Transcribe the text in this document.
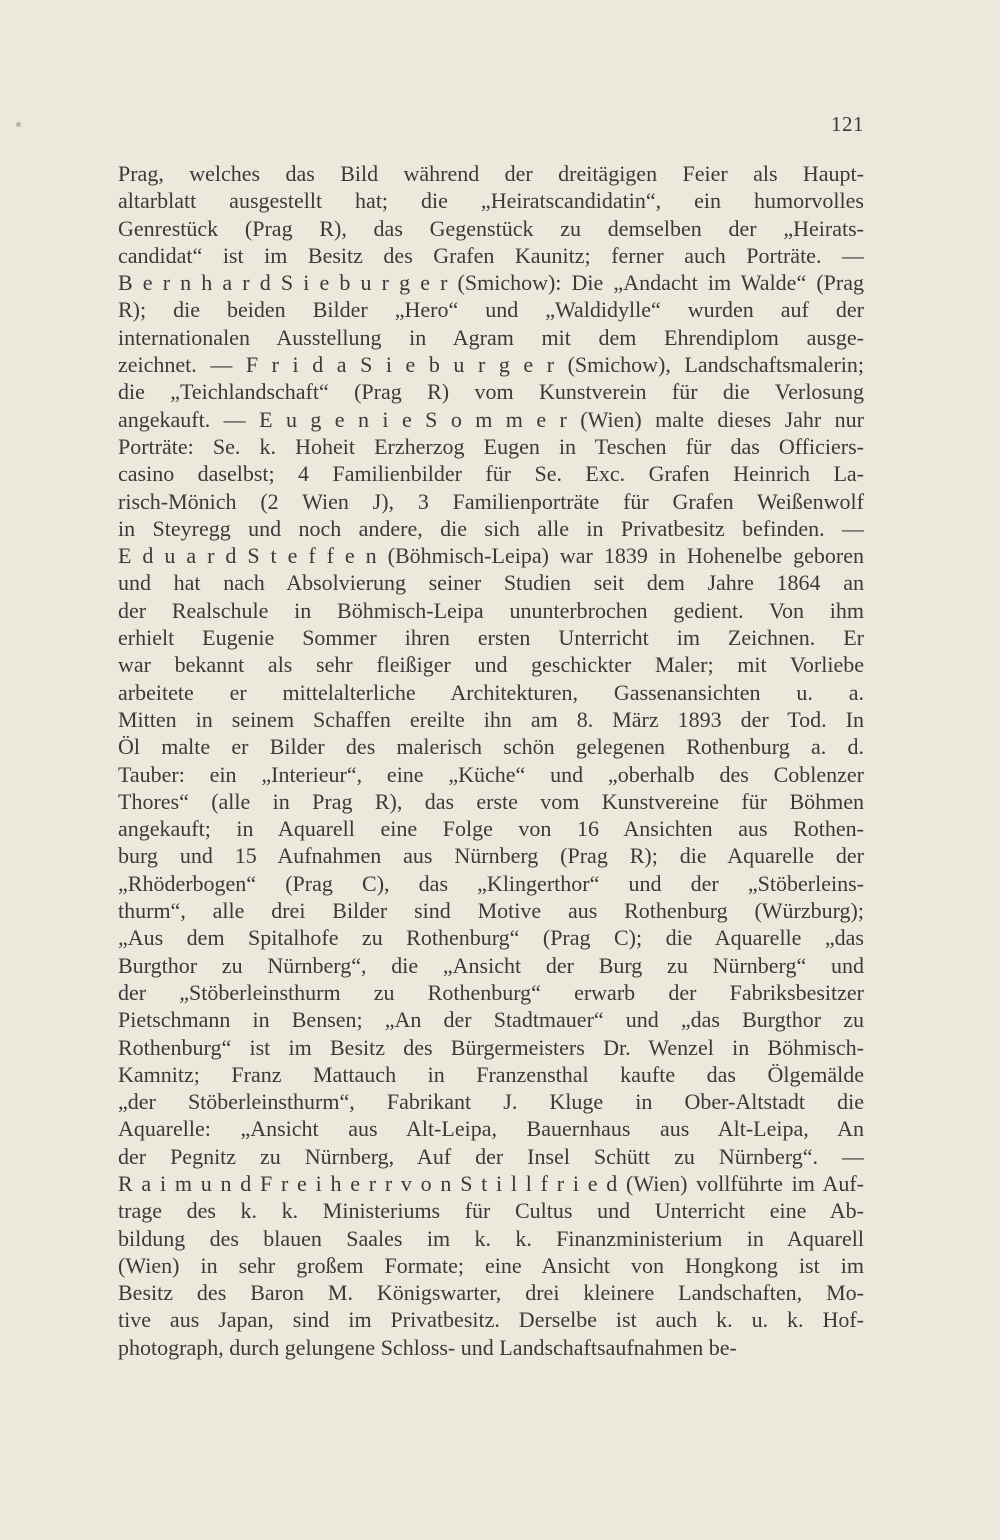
121
Prag, welches das Bild während der dreitägigen Feier als Haupt-
altarblatt ausgestellt hat; die „Heiratscandidatin“, ein humorvolles
Genrestück (Prag R), das Gegenstück zu demselben der „Heirats-
candidat“ ist im Besitz des Grafen Kaunitz; ferner auch Porträte. —
B e r n h a r d S i e b u r g e r (Smichow): Die „Andacht im Walde“ (Prag
R); die beiden Bilder „Hero“ und „Waldidylle“ wurden auf der
internationalen Ausstellung in Agram mit dem Ehrendiplom ausge-
zeichnet. — F r i d a S i e b u r g e r (Smichow), Landschaftsmalerin;
die „Teichlandschaft“ (Prag R) vom Kunstverein für die Verlosung
angekauft. — E u g e n i e S o m m e r (Wien) malte dieses Jahr nur
Porträte: Se. k. Hoheit Erzherzog Eugen in Teschen für das Officiers-
casino daselbst; 4 Familienbilder für Se. Exc. Grafen Heinrich La-
risch-Mönich (2 Wien J), 3 Familienporträte für Grafen Weißenwolf
in Steyregg und noch andere, die sich alle in Privatbesitz befinden. —
E d u a r d S t e f f e n (Böhmisch-Leipa) war 1839 in Hohenelbe geboren
und hat nach Absolvierung seiner Studien seit dem Jahre 1864 an
der Realschule in Böhmisch-Leipa ununterbrochen gedient. Von ihm
erhielt Eugenie Sommer ihren ersten Unterricht im Zeichnen. Er
war bekannt als sehr fleißiger und geschickter Maler; mit Vorliebe
arbeitete er mittelalterliche Architekturen, Gassenansichten u. a.
Mitten in seinem Schaffen ereilte ihn am 8. März 1893 der Tod. In
Öl malte er Bilder des malerisch schön gelegenen Rothenburg a. d.
Tauber: ein „Interieur“, eine „Küche“ und „oberhalb des Coblenzer
Thores“ (alle in Prag R), das erste vom Kunstvereine für Böhmen
angekauft; in Aquarell eine Folge von 16 Ansichten aus Rothen-
burg und 15 Aufnahmen aus Nürnberg (Prag R); die Aquarelle der
„Rhöderbogen“ (Prag C), das „Klingerthor“ und der „Stöberleins-
thurm“, alle drei Bilder sind Motive aus Rothenburg (Würzburg);
„Aus dem Spitalhofe zu Rothenburg“ (Prag C); die Aquarelle „das
Burgthor zu Nürnberg“, die „Ansicht der Burg zu Nürnberg“ und
der „Stöberleinsthurm zu Rothenburg“ erwarb der Fabriksbesitzer
Pietschmann in Bensen; „An der Stadtmauer“ und „das Burgthor zu
Rothenburg“ ist im Besitz des Bürgermeisters Dr. Wenzel in Böhmisch-
Kamnitz; Franz Mattauch in Franzensthal kaufte das Ölgemälde
„der Stöberleinsthurm“, Fabrikant J. Kluge in Ober-Altstadt die
Aquarelle: „Ansicht aus Alt-Leipa, Bauernhaus aus Alt-Leipa, An
der Pegnitz zu Nürnberg, Auf der Insel Schütt zu Nürnberg“. —
R a i m u n d F r e i h e r r v o n S t i l l f r i e d (Wien) vollführte im Auf-
trage des k. k. Ministeriums für Cultus und Unterricht eine Ab-
bildung des blauen Saales im k. k. Finanzministerium in Aquarell
(Wien) in sehr großem Formate; eine Ansicht von Hongkong ist im
Besitz des Baron M. Königswarter, drei kleinere Landschaften, Mo-
tive aus Japan, sind im Privatbesitz. Derselbe ist auch k. u. k. Hof-
photograph, durch gelungene Schloss- und Landschaftsaufnahmen be-
